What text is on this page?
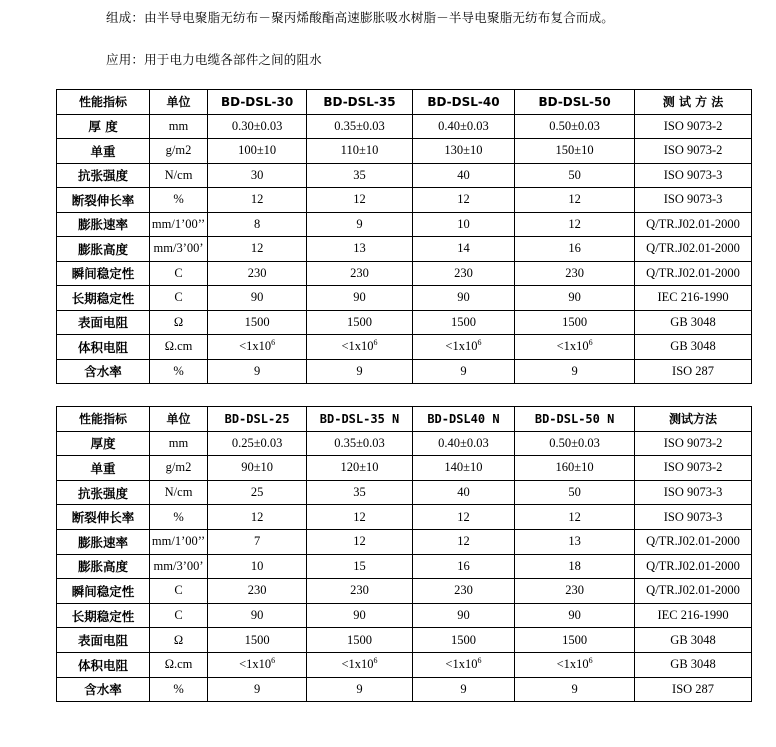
组成：由半导电聚脂无纺布－聚丙烯酸酯高速膨胀吸水树脂－半导电聚脂无纺布复合而成。
应用：用于电力电缆各部件之间的阻水
性能指标	单位	BD-DSL-30	BD-DSL-35	BD-DSL-40	BD-DSL-50	测 试 方 法
厚 度	mm	0.30±0.03	0.35±0.03	0.40±0.03	0.50±0.03	ISO 9073-2
单重	g/m2	100±10	110±10	130±10	150±10	ISO 9073-2
抗张强度	N/cm	30	35	40	50	ISO 9073-3
断裂伸长率	%	12	12	12	12	ISO 9073-3
膨胀速率	mm/1’00’’	8	9	10	12	Q/TR.J02.01-2000
膨胀高度	mm/3’00’	12	13	14	16	Q/TR.J02.01-2000
瞬间稳定性	C	230	230	230	230	Q/TR.J02.01-2000
长期稳定性	C	90	90	90	90	IEC 216-1990
表面电阻	Ω	1500	1500	1500	1500	GB 3048
体积电阻	Ω.cm	$<1x10^6$	$<1x10^6$	$<1x10^6$	$<1x10^6$	GB 3048
含水率	%	9	9	9	9	ISO 287
性能指标	单位	BD-DSL-25	BD-DSL-35 N	BD-DSL40 N	BD-DSL-50 N	测试方法
厚度	mm	0.25±0.03	0.35±0.03	0.40±0.03	0.50±0.03	ISO 9073-2
单重	g/m2	90±10	120±10	140±10	160±10	ISO 9073-2
抗张强度	N/cm	25	35	40	50	ISO 9073-3
断裂伸长率	%	12	12	12	12	ISO 9073-3
膨胀速率	mm/1’00’’	7	12	12	13	Q/TR.J02.01-2000
膨胀高度	mm/3’00’	10	15	16	18	Q/TR.J02.01-2000
瞬间稳定性	C	230	230	230	230	Q/TR.J02.01-2000
长期稳定性	C	90	90	90	90	IEC 216-1990
表面电阻	Ω	1500	1500	1500	1500	GB 3048
体积电阻	Ω.cm	$<1x10^6$	$<1x10^6$	$<1x10^6$	$<1x10^6$	GB 3048
含水率	%	9	9	9	9	ISO 287
